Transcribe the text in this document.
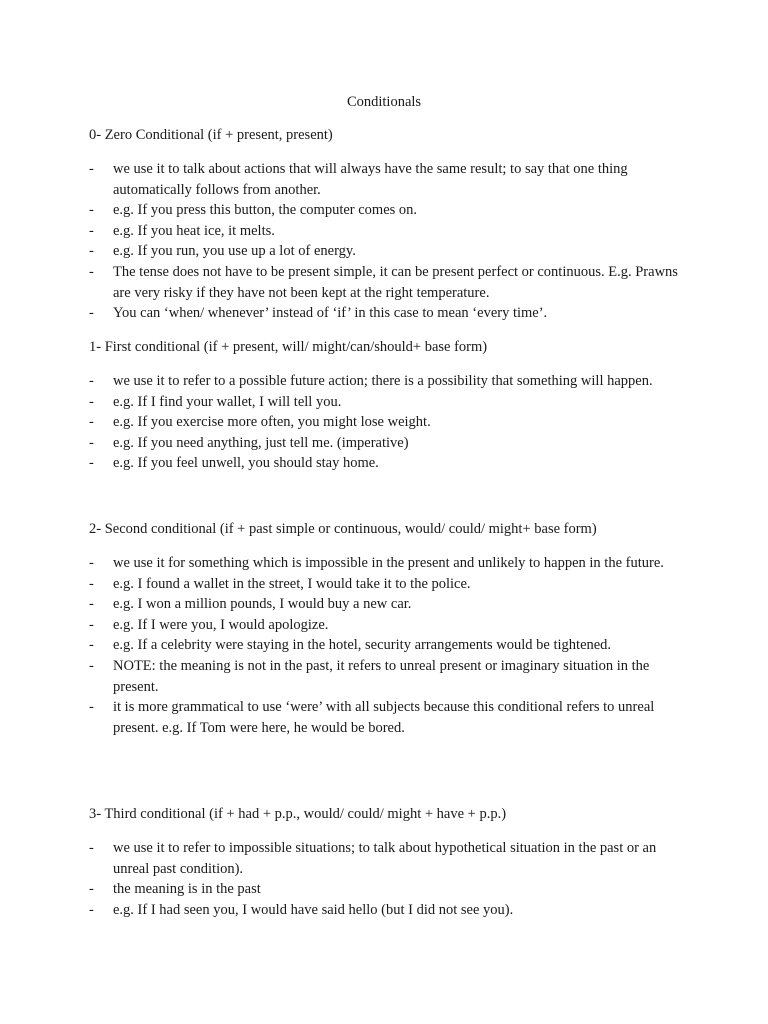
Conditionals

0- Zero Conditional (if + present, present)

- we use it to talk about actions that will always have the same result; to say that one thing automatically follows from another.
- e.g. If you press this button, the computer comes on.
- e.g. If you heat ice, it melts.
- e.g. If you run, you use up a lot of energy.
- The tense does not have to be present simple, it can be present perfect or continuous. E.g. Prawns are very risky if they have not been kept at the right temperature.
- You can ‘when/ whenever’ instead of ‘if’ in this case to mean ‘every time’.

1- First conditional (if + present, will/ might/can/should+ base form)

- we use it to refer to a possible future action; there is a possibility that something will happen.
- e.g. If I find your wallet, I will tell you.
- e.g. If you exercise more often, you might lose weight.
- e.g. If you need anything, just tell me. (imperative)
- e.g. If you feel unwell, you should stay home.

2- Second conditional (if + past simple or continuous, would/ could/ might+ base form)

- we use it for something which is impossible in the present and unlikely to happen in the future.
- e.g. I found a wallet in the street, I would take it to the police.
- e.g. I won a million pounds, I would buy a new car.
- e.g. If I were you, I would apologize.
- e.g. If a celebrity were staying in the hotel, security arrangements would be tightened.
- NOTE: the meaning is not in the past, it refers to unreal present or imaginary situation in the present.
- it is more grammatical to use ‘were’ with all subjects because this conditional refers to unreal present. e.g. If Tom were here, he would be bored.

3- Third conditional (if + had + p.p., would/ could/ might + have + p.p.)

- we use it to refer to impossible situations; to talk about hypothetical situation in the past or an unreal past condition).
- the meaning is in the past
- e.g. If I had seen you, I would have said hello (but I did not see you).
